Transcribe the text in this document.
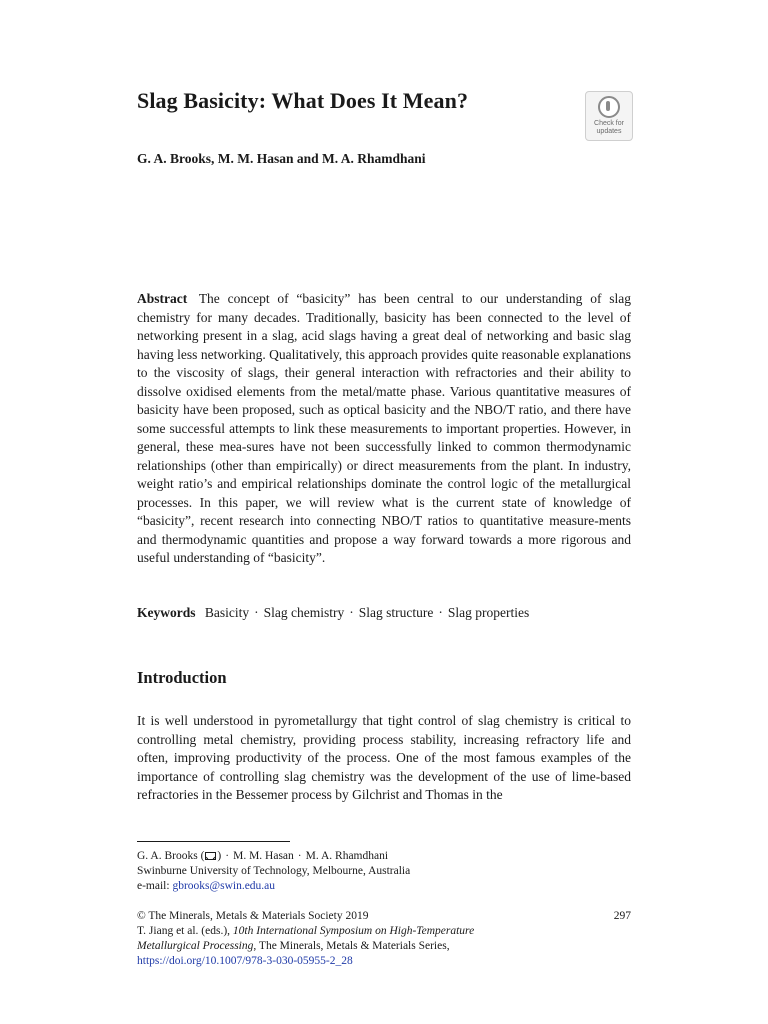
Slag Basicity: What Does It Mean?
Check for updates
G. A. Brooks, M. M. Hasan and M. A. Rhamdhani
Abstract The concept of “basicity” has been central to our understanding of slag chemistry for many decades. Traditionally, basicity has been connected to the level of networking present in a slag, acid slags having a great deal of networking and basic slag having less networking. Qualitatively, this approach provides quite reasonable explanations to the viscosity of slags, their general interaction with refractories and their ability to dissolve oxidised elements from the metal/matte phase. Various quantitative measures of basicity have been proposed, such as optical basicity and the NBO/T ratio, and there have some successful attempts to link these measurements to important properties. However, in general, these mea-sures have not been successfully linked to common thermodynamic relationships (other than empirically) or direct measurements from the plant. In industry, weight ratio’s and empirical relationships dominate the control logic of the metallurgical processes. In this paper, we will review what is the current state of knowledge of “basicity”, recent research into connecting NBO/T ratios to quantitative measure-ments and thermodynamic quantities and propose a way forward towards a more rigorous and useful understanding of “basicity”.
Keywords Basicity · Slag chemistry · Slag structure · Slag properties
Introduction
It is well understood in pyrometallurgy that tight control of slag chemistry is critical to controlling metal chemistry, providing process stability, increasing refractory life and often, improving productivity of the process. One of the most famous examples of the importance of controlling slag chemistry was the development of the use of lime-based refractories in the Bessemer process by Gilchrist and Thomas in the
G. A. Brooks ( ) · M. M. Hasan · M. A. Rhamdhani
Swinburne University of Technology, Melbourne, Australia
e-mail: gbrooks@swin.edu.au
297
© The Minerals, Metals & Materials Society 2019
T. Jiang et al. (eds.), 10th International Symposium on High-Temperature
Metallurgical Processing, The Minerals, Metals & Materials Series,
https://doi.org/10.1007/978-3-030-05955-2_28
